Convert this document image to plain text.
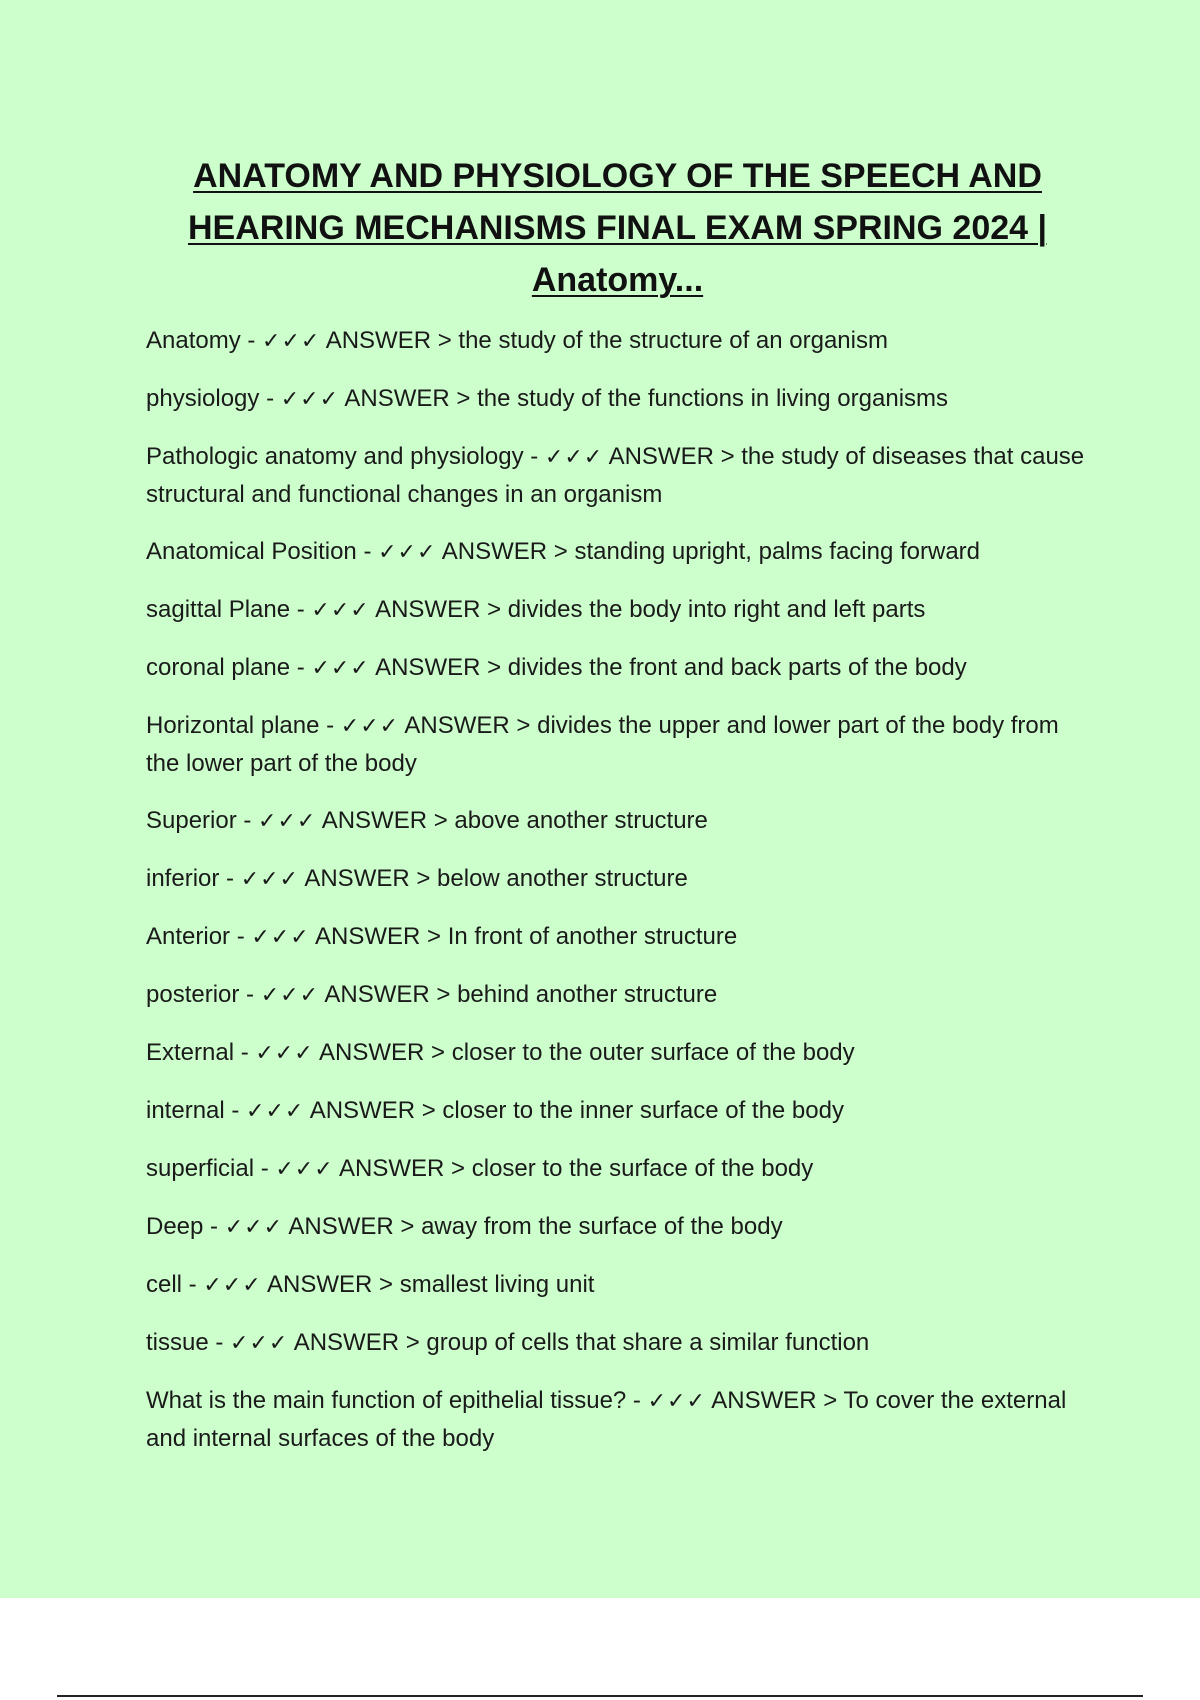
ANATOMY AND PHYSIOLOGY OF THE SPEECH AND HEARING MECHANISMS FINAL EXAM SPRING 2024 | Anatomy...
Anatomy - ✓✓✓ ANSWER > the study of the structure of an organism
physiology - ✓✓✓ ANSWER > the study of the functions in living organisms
Pathologic anatomy and physiology - ✓✓✓ ANSWER > the study of diseases that cause structural and functional changes in an organism
Anatomical Position - ✓✓✓ ANSWER > standing upright, palms facing forward
sagittal Plane - ✓✓✓ ANSWER > divides the body into right and left parts
coronal plane - ✓✓✓ ANSWER > divides the front and back parts of the body
Horizontal plane - ✓✓✓ ANSWER > divides the upper and lower part of the body from the lower part of the body
Superior - ✓✓✓ ANSWER > above another structure
inferior - ✓✓✓ ANSWER > below another structure
Anterior - ✓✓✓ ANSWER > In front of another structure
posterior - ✓✓✓ ANSWER > behind another structure
External - ✓✓✓ ANSWER > closer to the outer surface of the body
internal - ✓✓✓ ANSWER > closer to the inner surface of the body
superficial - ✓✓✓ ANSWER > closer to the surface of the body
Deep - ✓✓✓ ANSWER > away from the surface of the body
cell - ✓✓✓ ANSWER > smallest living unit
tissue - ✓✓✓ ANSWER > group of cells that share a similar function
What is the main function of epithelial tissue? - ✓✓✓ ANSWER > To cover the external and internal surfaces of the body
